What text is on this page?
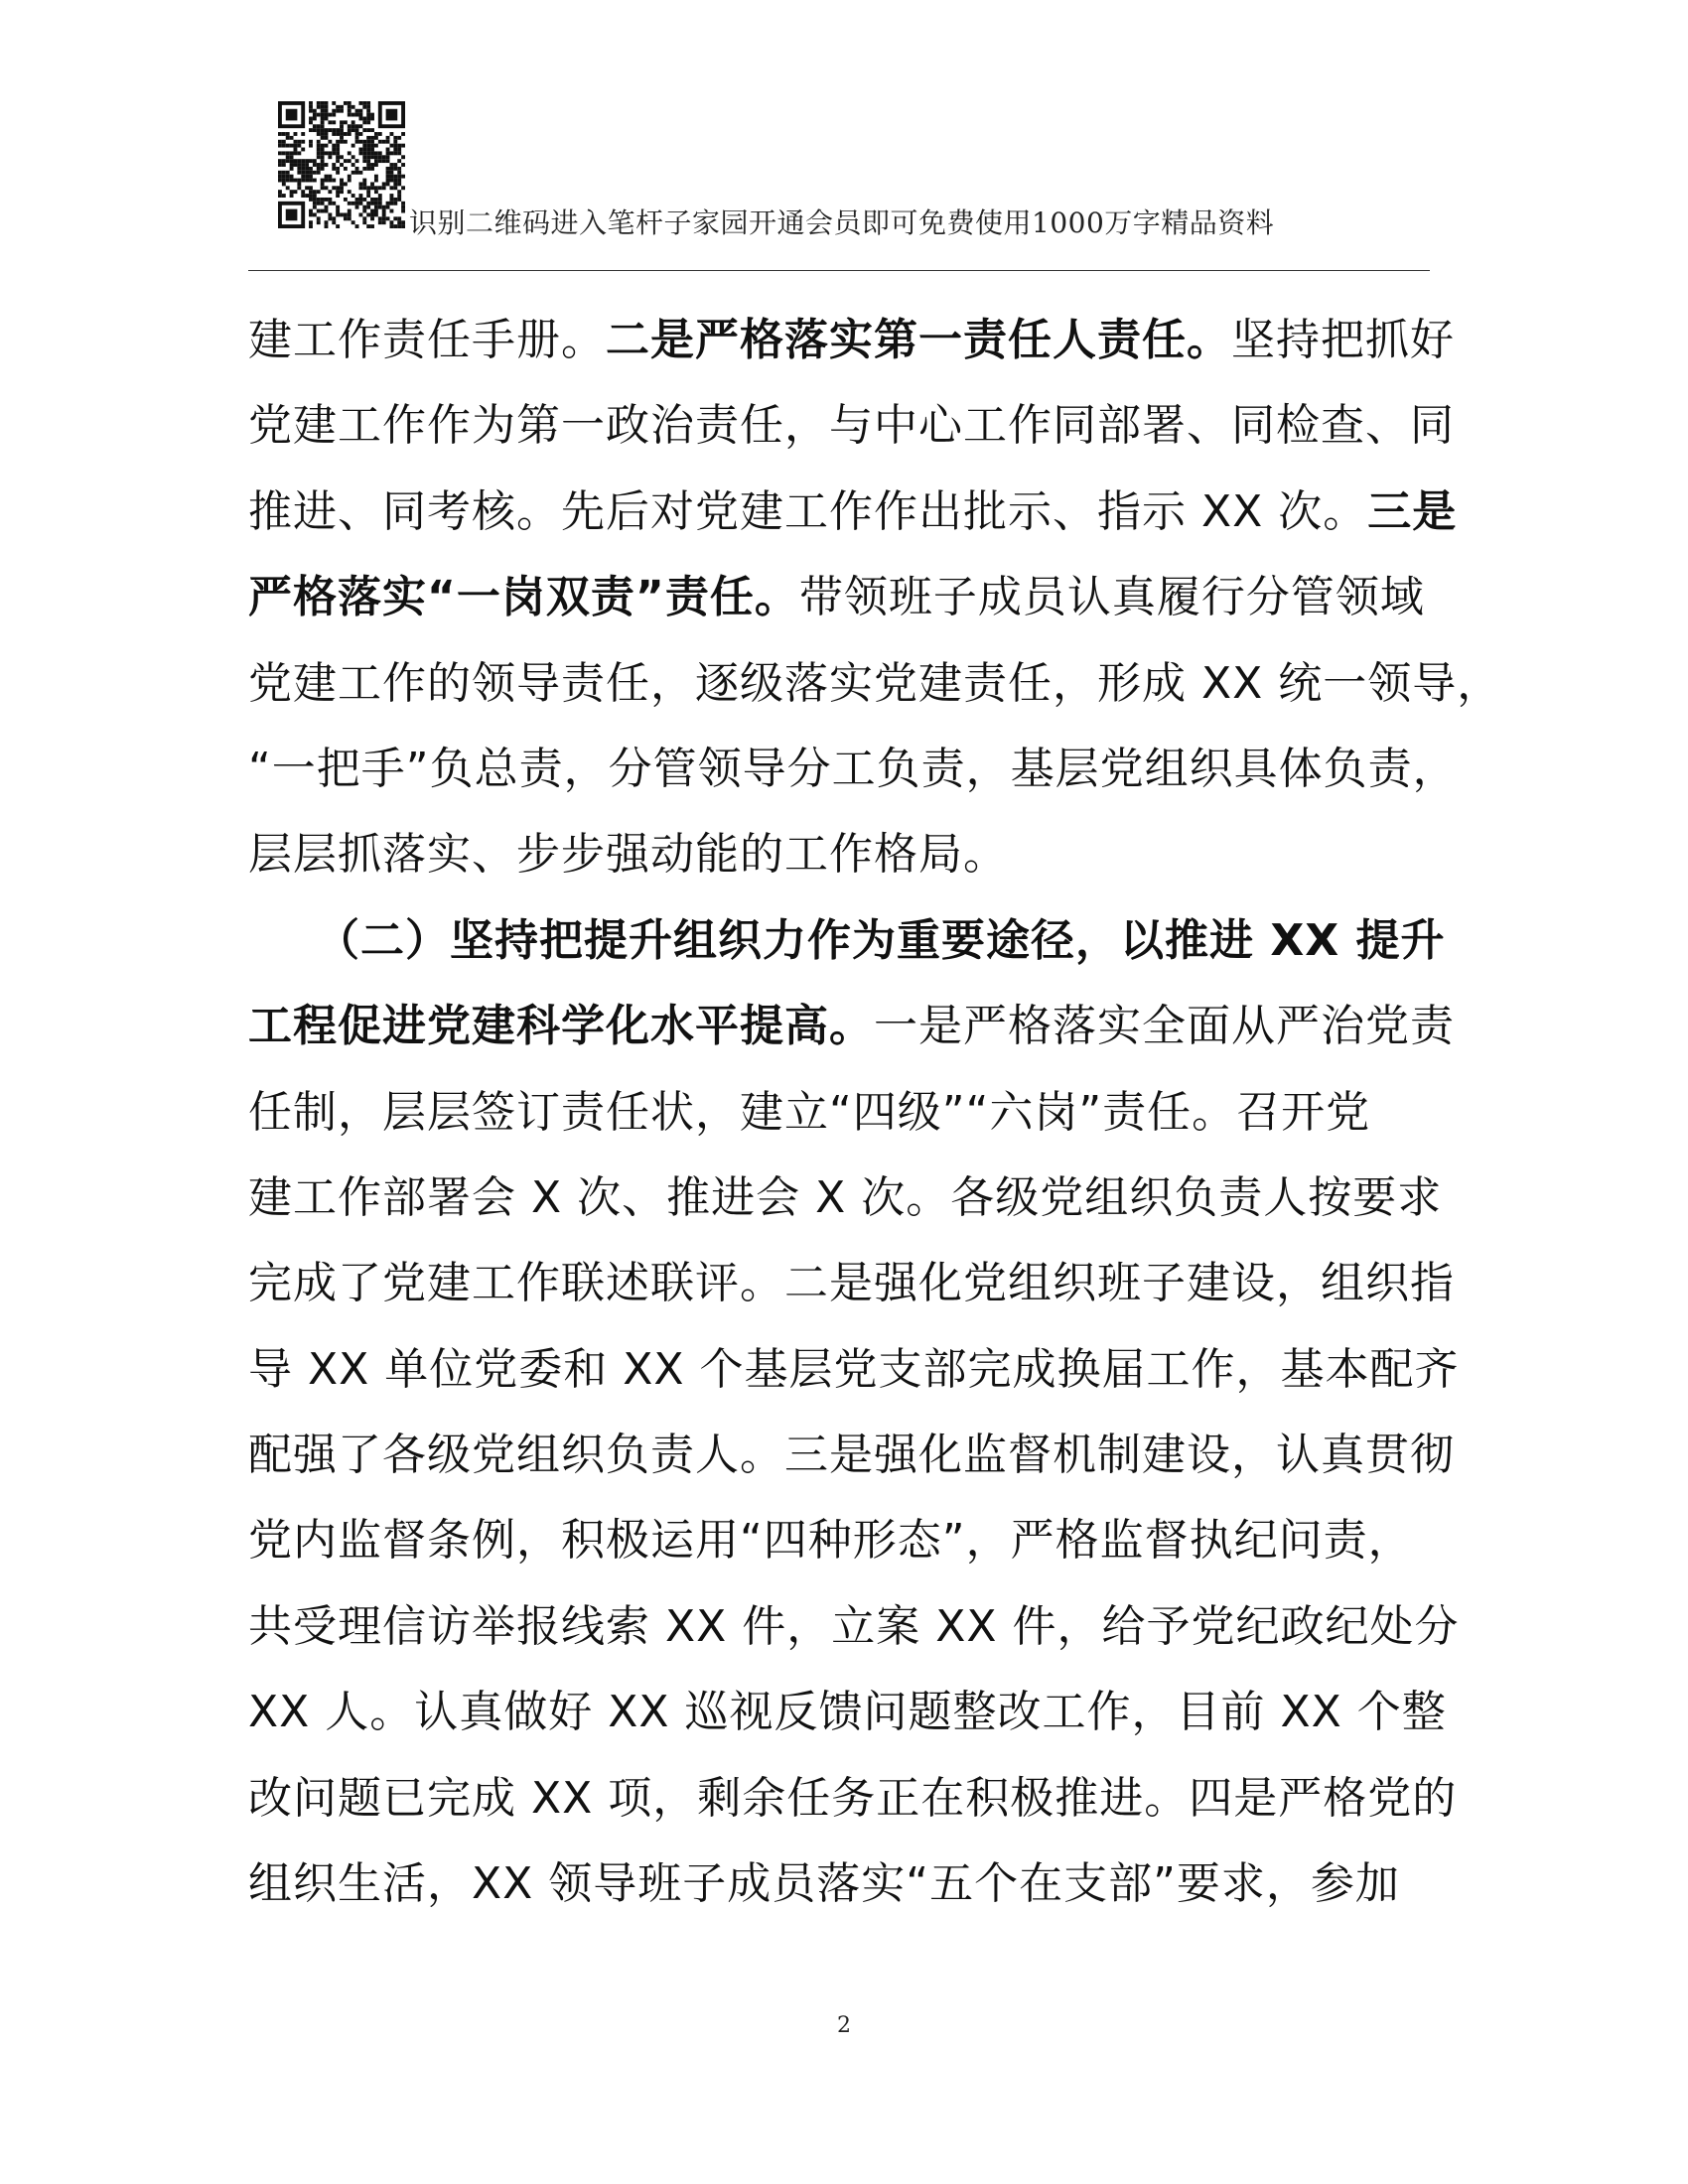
识别二维码进入笔杆子家园开通会员即可免费使用1000万字精品资料
建工作责任手册。二是严格落实第一责任人责任。坚持把抓好
党建工作作为第一政治责任，与中心工作同部署、同检查、同
推进、同考核。先后对党建工作作出批示、指示 XX 次。三是
严格落实“一岗双责”责任。带领班子成员认真履行分管领域
党建工作的领导责任，逐级落实党建责任，形成 XX 统一领导，
“一把手”负总责，分管领导分工负责，基层党组织具体负责，
层层抓落实、步步强动能的工作格局。
　　（二）坚持把提升组织力作为重要途径，以推进 XX 提升
工程促进党建科学化水平提高。一是严格落实全面从严治党责
任制，层层签订责任状，建立“四级”“六岗”责任。召开党
建工作部署会 X 次、推进会 X 次。各级党组织负责人按要求
完成了党建工作联述联评。二是强化党组织班子建设，组织指
导 XX 单位党委和 XX 个基层党支部完成换届工作，基本配齐
配强了各级党组织负责人。三是强化监督机制建设，认真贯彻
党内监督条例，积极运用“四种形态”，严格监督执纪问责，
共受理信访举报线索 XX 件，立案 XX 件，给予党纪政纪处分
XX 人。认真做好 XX 巡视反馈问题整改工作，目前 XX 个整
改问题已完成 XX 项，剩余任务正在积极推进。四是严格党的
组织生活，XX 领导班子成员落实“五个在支部”要求，参加
2
